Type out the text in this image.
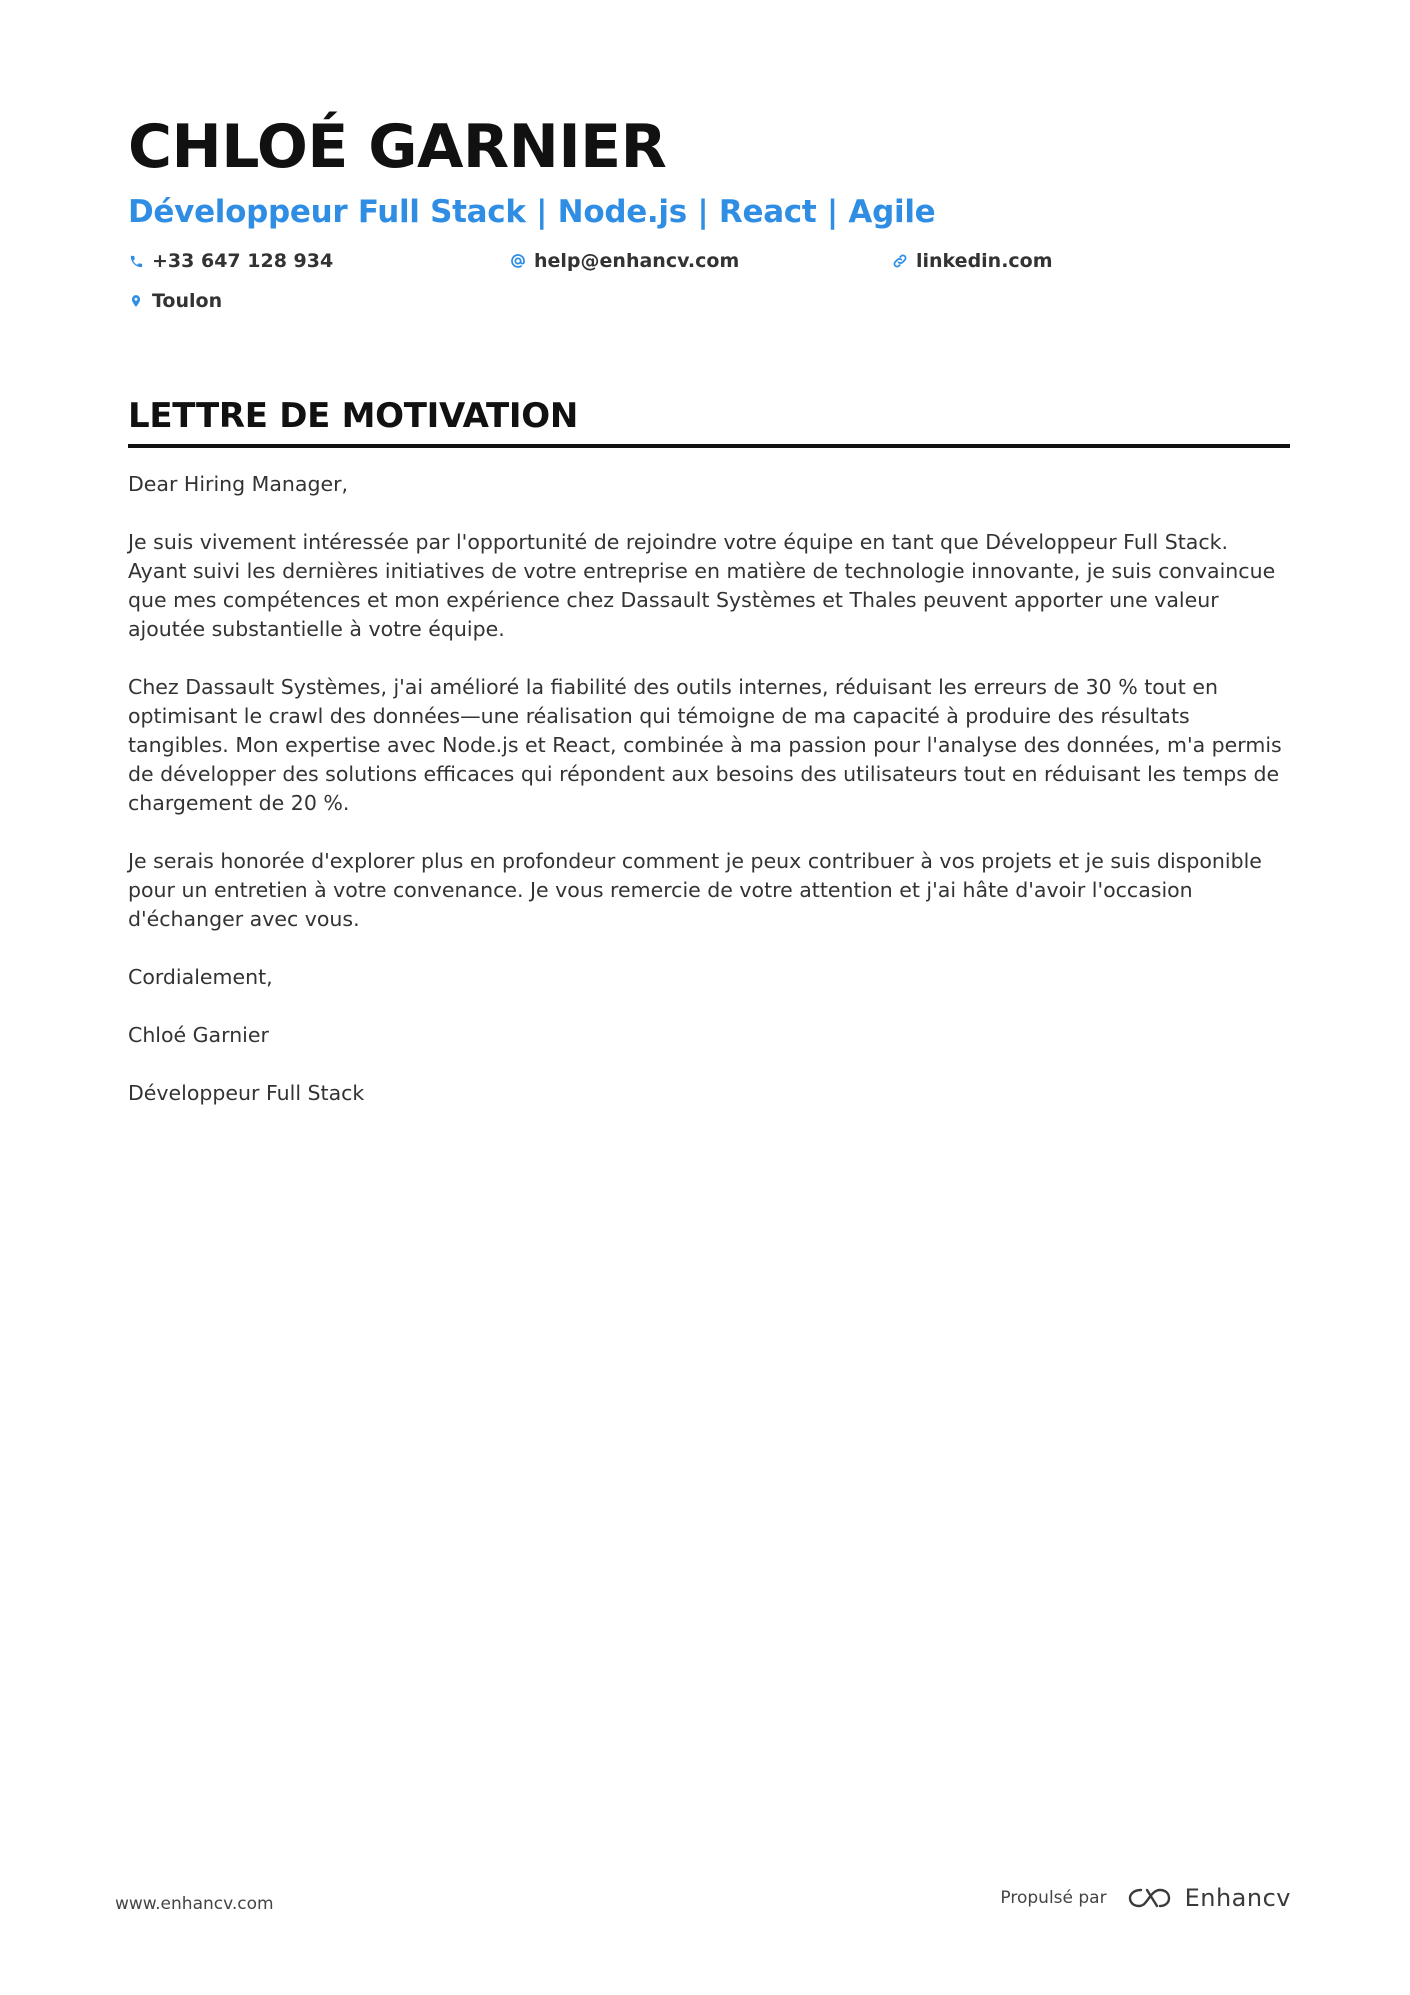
CHLOÉ GARNIER
Développeur Full Stack | Node.js | React | Agile
+33 647 128 934	help@enhancv.com	linkedin.com
Toulon
LETTRE DE MOTIVATION

Dear Hiring Manager,

Je suis vivement intéressée par l'opportunité de rejoindre votre équipe en tant que Développeur Full Stack. Ayant suivi les dernières initiatives de votre entreprise en matière de technologie innovante, je suis convaincue que mes compétences et mon expérience chez Dassault Systèmes et Thales peuvent apporter une valeur ajoutée substantielle à votre équipe.

Chez Dassault Systèmes, j'ai amélioré la fiabilité des outils internes, réduisant les erreurs de 30 % tout en optimisant le crawl des données—une réalisation qui témoigne de ma capacité à produire des résultats tangibles. Mon expertise avec Node.js et React, combinée à ma passion pour l'analyse des données, m'a permis de développer des solutions efficaces qui répondent aux besoins des utilisateurs tout en réduisant les temps de chargement de 20 %.

Je serais honorée d'explorer plus en profondeur comment je peux contribuer à vos projets et je suis disponible pour un entretien à votre convenance. Je vous remercie de votre attention et j'ai hâte d'avoir l'occasion d'échanger avec vous.

Cordialement,

Chloé Garnier

Développeur Full Stack

www.enhancv.com	Propulsé par	Enhancv
